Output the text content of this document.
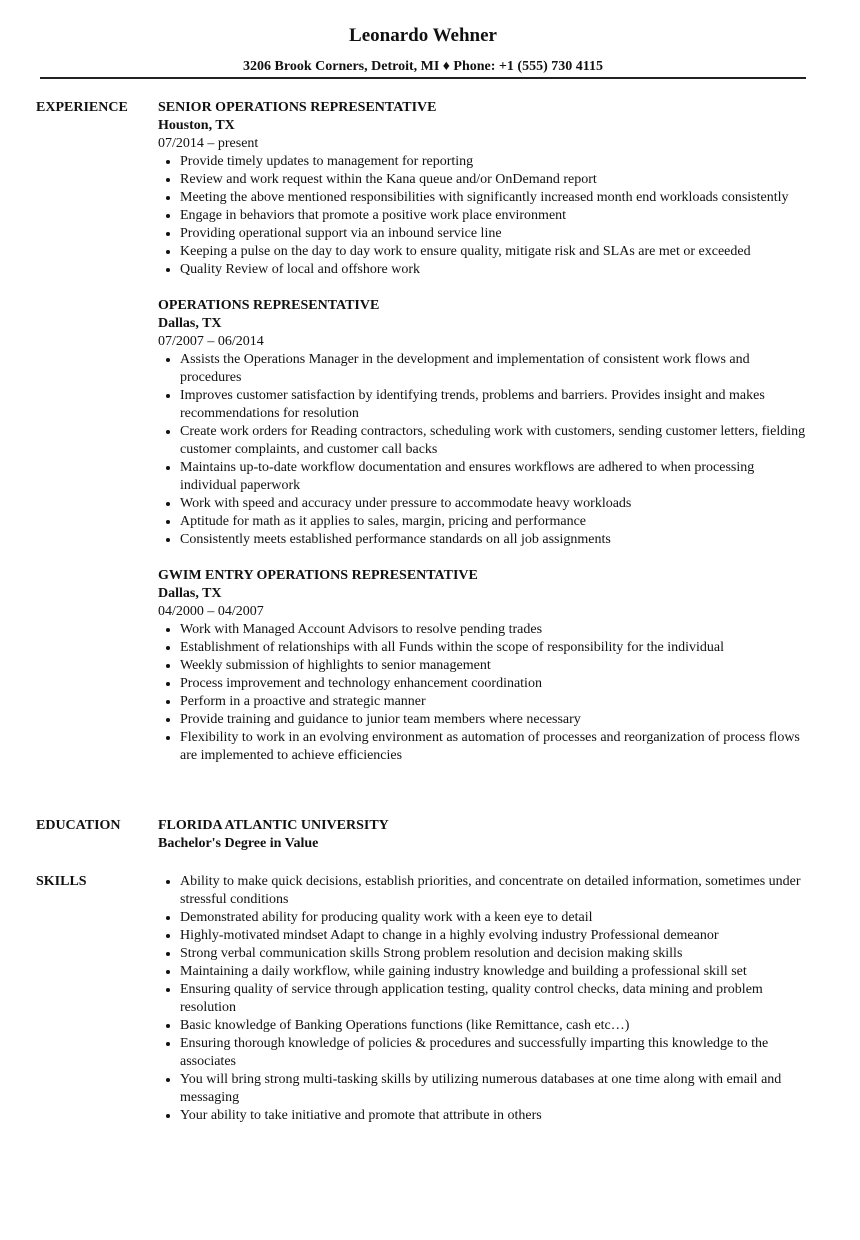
Leonardo Wehner
3206 Brook Corners, Detroit, MI ♦ Phone: +1 (555) 730 4115
EXPERIENCE SENIOR OPERATIONS REPRESENTATIVE
Houston, TX
07/2014 – present
• Provide timely updates to management for reporting
• Review and work request within the Kana queue and/or OnDemand report
• Meeting the above mentioned responsibilities with significantly increased month end workloads consistently
• Engage in behaviors that promote a positive work place environment
• Providing operational support via an inbound service line
• Keeping a pulse on the day to day work to ensure quality, mitigate risk and SLAs are met or exceeded
• Quality Review of local and offshore work
OPERATIONS REPRESENTATIVE
Dallas, TX
07/2007 – 06/2014
• Assists the Operations Manager in the development and implementation of consistent work flows and procedures
• Improves customer satisfaction by identifying trends, problems and barriers. Provides insight and makes recommendations for resolution
• Create work orders for Reading contractors, scheduling work with customers, sending customer letters, fielding customer complaints, and customer call backs
• Maintains up-to-date workflow documentation and ensures workflows are adhered to when processing individual paperwork
• Work with speed and accuracy under pressure to accommodate heavy workloads
• Aptitude for math as it applies to sales, margin, pricing and performance
• Consistently meets established performance standards on all job assignments
GWIM ENTRY OPERATIONS REPRESENTATIVE
Dallas, TX
04/2000 – 04/2007
• Work with Managed Account Advisors to resolve pending trades
• Establishment of relationships with all Funds within the scope of responsibility for the individual
• Weekly submission of highlights to senior management
• Process improvement and technology enhancement coordination
• Perform in a proactive and strategic manner
• Provide training and guidance to junior team members where necessary
• Flexibility to work in an evolving environment as automation of processes and reorganization of process flows are implemented to achieve efficiencies
EDUCATION	FLORIDA ATLANTIC UNIVERSITY
Bachelor's Degree in Value
SKILLS
•	Ability to make quick decisions, establish priorities, and concentrate on detailed information, sometimes under stressful conditions
• Demonstrated ability for producing quality work with a keen eye to detail
• Highly-motivated mindset Adapt to change in a highly evolving industry Professional demeanor
• Strong verbal communication skills Strong problem resolution and decision making skills
• Maintaining a daily workflow, while gaining industry knowledge and building a professional skill set
• Ensuring quality of service through application testing, quality control checks, data mining and problem resolution
• Basic knowledge of Banking Operations functions (like Remittance, cash etc…)
• Ensuring thorough knowledge of policies & procedures and successfully imparting this knowledge to the associates
• You will bring strong multi-tasking skills by utilizing numerous databases at one time along with email and messaging
• Your ability to take initiative and promote that attribute in others
